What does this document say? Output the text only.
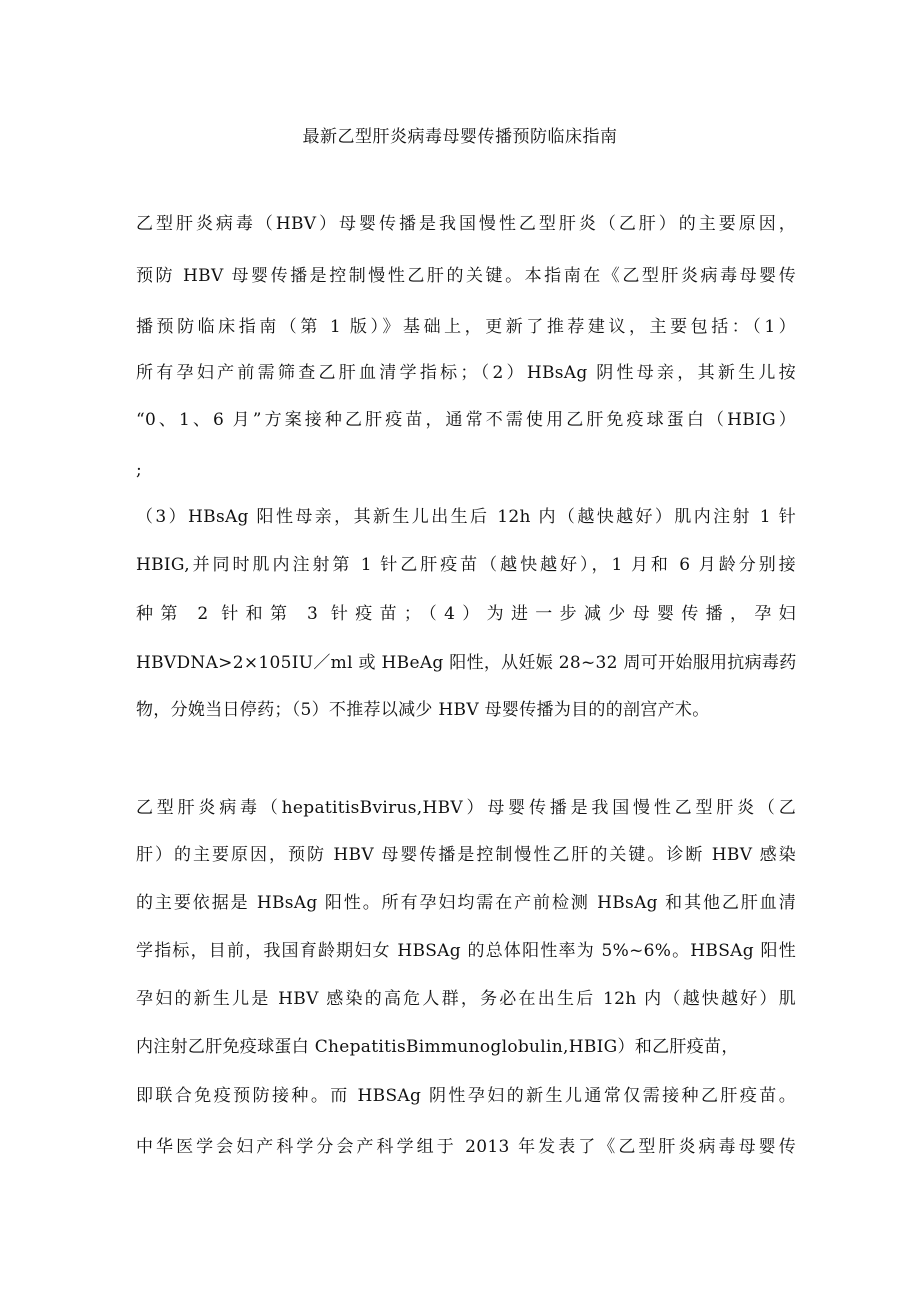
最新乙型肝炎病毒母婴传播预防临床指南
乙型肝炎病毒（HBV）母婴传播是我国慢性乙型肝炎（乙肝）的主要原因，
预防 HBV 母婴传播是控制慢性乙肝的关键。本指南在《乙型肝炎病毒母婴传
播预防临床指南（第 1 版）》基础上，更新了推荐建议，主要包括：（1）
所有孕妇产前需筛查乙肝血清学指标；（2）HBsAg 阴性母亲，其新生儿按
“0、1、6 月”方案接种乙肝疫苗，通常不需使用乙肝免疫球蛋白（HBIG）
;
（3）HBsAg 阳性母亲，其新生儿出生后 12h 内（越快越好）肌内注射 1 针
HBIG,并同时肌内注射第 1 针乙肝疫苗（越快越好），1 月和 6 月龄分别接
种第 2 针和第 3 针疫苗；（4）为进一步减少母婴传播，孕妇
HBVDNA>2×105IU／ml 或 HBeAg 阳性，从妊娠 28~32 周可开始服用抗病毒药
物，分娩当日停药；（5）不推荐以减少 HBV 母婴传播为目的的剖宫产术。
乙型肝炎病毒（hepatitisBvirus,HBV）母婴传播是我国慢性乙型肝炎（乙
肝）的主要原因，预防 HBV 母婴传播是控制慢性乙肝的关键。诊断 HBV 感染
的主要依据是 HBsAg 阳性。所有孕妇均需在产前检测 HBsAg 和其他乙肝血清
学指标，目前，我国育龄期妇女 HBSAg 的总体阳性率为 5%~6%。HBSAg 阳性
孕妇的新生儿是 HBV 感染的高危人群，务必在出生后 12h 内（越快越好）肌
内注射乙肝免疫球蛋白 ChepatitisBimmunoglobulin,HBIG）和乙肝疫苗，
即联合免疫预防接种。而 HBSAg 阴性孕妇的新生儿通常仅需接种乙肝疫苗。
中华医学会妇产科学分会产科学组于 2013 年发表了《乙型肝炎病毒母婴传
